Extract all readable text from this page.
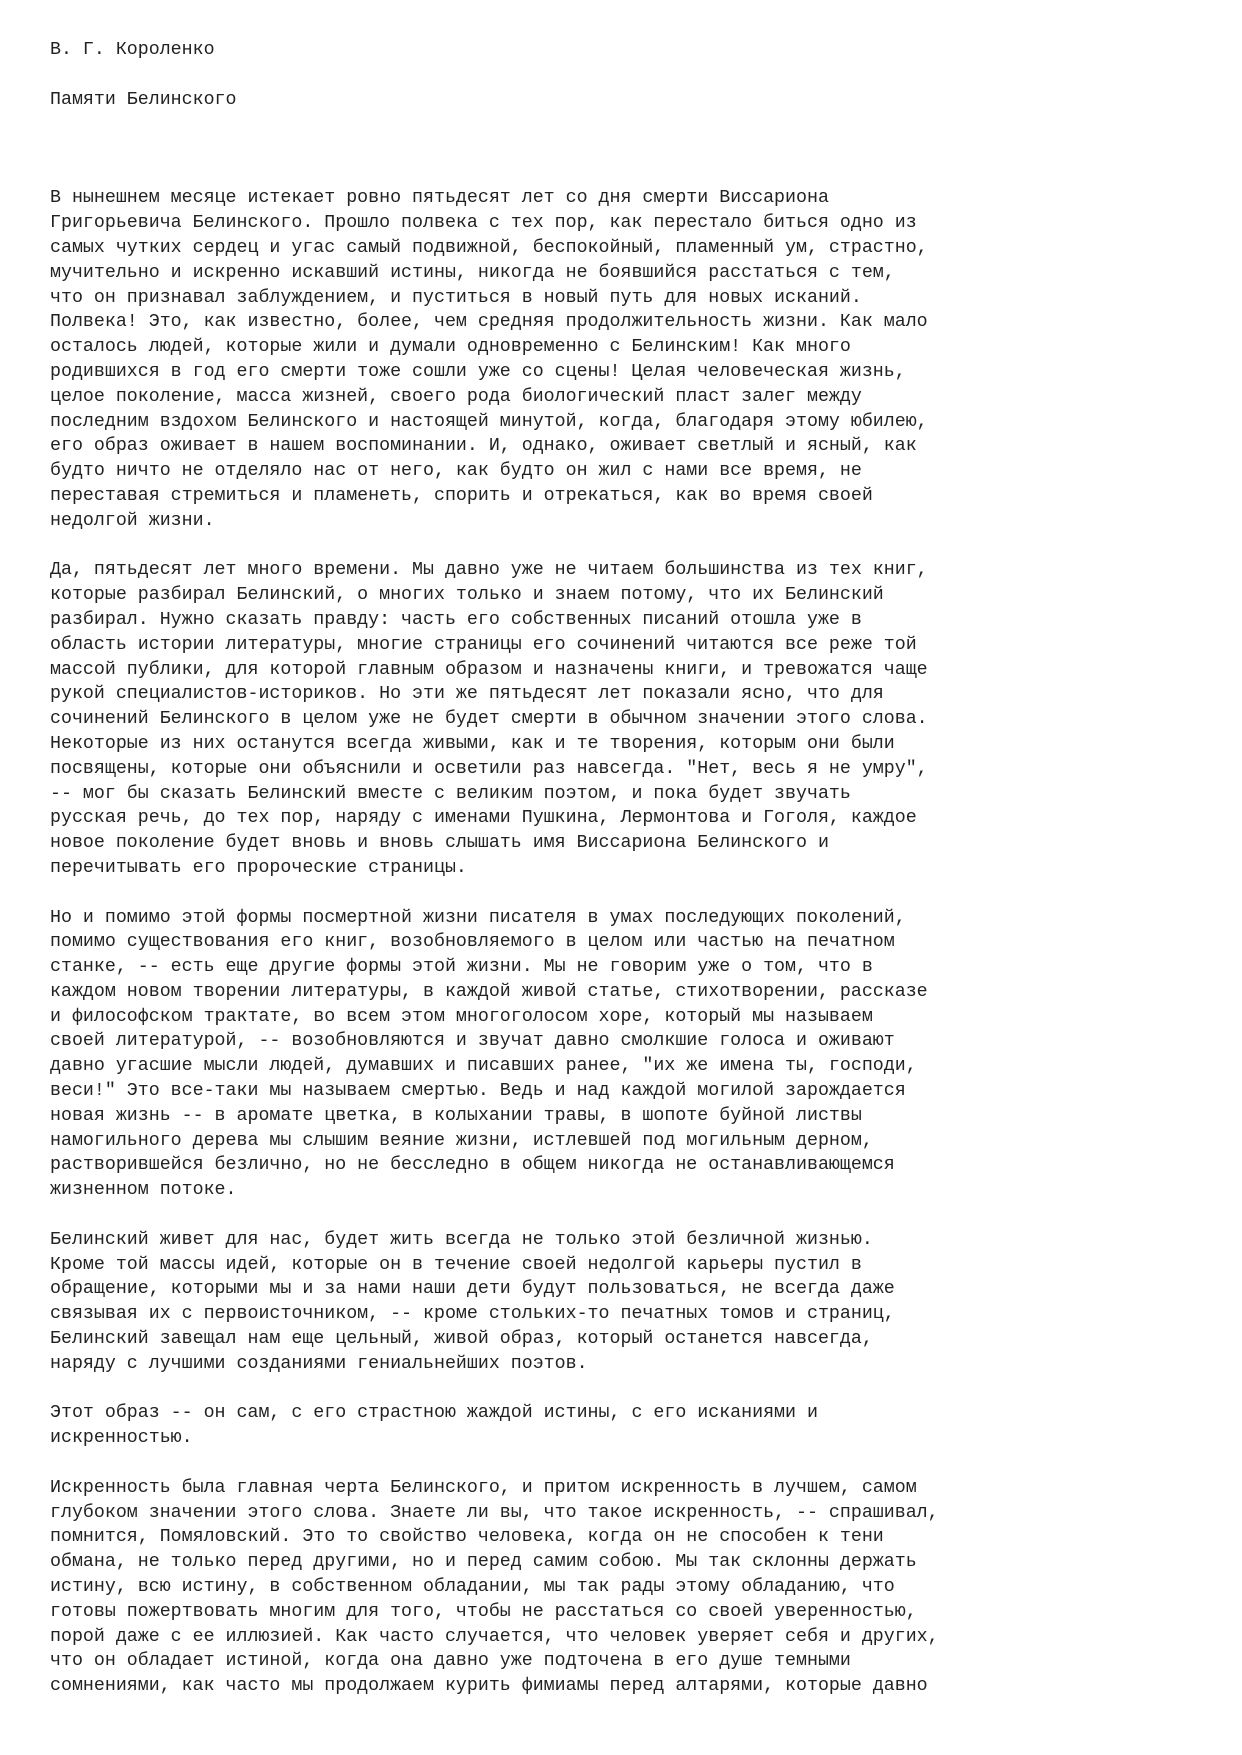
В. Г. Короленко
Памяти Белинского
В нынешнем месяце истекает ровно пятьдесят лет со дня смерти Виссариона
Григорьевича Белинского. Прошло полвека с тех пор, как перестало биться одно из
самых чутких сердец и угас самый подвижной, беспокойный, пламенный ум, страстно,
мучительно и искренно искавший истины, никогда не боявшийся расстаться с тем,
что он признавал заблуждением, и пуститься в новый путь для новых исканий.
Полвека! Это, как известно, более, чем средняя продолжительность жизни. Как мало
осталось людей, которые жили и думали одновременно с Белинским! Как много
родившихся в год его смерти тоже сошли уже со сцены! Целая человеческая жизнь,
целое поколение, масса жизней, своего рода биологический пласт залег между
последним вздохом Белинского и настоящей минутой, когда, благодаря этому юбилею,
его образ оживает в нашем воспоминании. И, однако, оживает светлый и ясный, как
будто ничто не отделяло нас от него, как будто он жил с нами все время, не
переставая стремиться и пламенеть, спорить и отрекаться, как во время своей
недолгой жизни.
Да, пятьдесят лет много времени. Мы давно уже не читаем большинства из тех книг,
которые разбирал Белинский, о многих только и знаем потому, что их Белинский
разбирал. Нужно сказать правду: часть его собственных писаний отошла уже в
область истории литературы, многие страницы его сочинений читаются все реже той
массой публики, для которой главным образом и назначены книги, и тревожатся чаще
рукой специалистов-историков. Но эти же пятьдесят лет показали ясно, что для
сочинений Белинского в целом уже не будет смерти в обычном значении этого слова.
Некоторые из них останутся всегда живыми, как и те творения, которым они были
посвящены, которые они объяснили и осветили раз навсегда. "Нет, весь я не умру",
-- мог бы сказать Белинский вместе с великим поэтом, и пока будет звучать
русская речь, до тех пор, наряду с именами Пушкина, Лермонтова и Гоголя, каждое
новое поколение будет вновь и вновь слышать имя Виссариона Белинского и
перечитывать его пророческие страницы.
Но и помимо этой формы посмертной жизни писателя в умах последующих поколений,
помимо существования его книг, возобновляемого в целом или частью на печатном
станке, -- есть еще другие формы этой жизни. Мы не говорим уже о том, что в
каждом новом творении литературы, в каждой живой статье, стихотворении, рассказе
и философском трактате, во всем этом многоголосом хоре, который мы называем
своей литературой, -- возобновляются и звучат давно смолкшие голоса и оживают
давно угасшие мысли людей, думавших и писавших ранее, "их же имена ты, господи,
веси!" Это все-таки мы называем смертью. Ведь и над каждой могилой зарождается
новая жизнь -- в аромате цветка, в колыхании травы, в шопоте буйной листвы
намогильного дерева мы слышим веяние жизни, истлевшей под могильным дерном,
растворившейся безлично, но не бесследно в общем никогда не останавливающемся
жизненном потоке.
Белинский живет для нас, будет жить всегда не только этой безличной жизнью.
Кроме той массы идей, которые он в течение своей недолгой карьеры пустил в
обращение, которыми мы и за нами наши дети будут пользоваться, не всегда даже
связывая их с первоисточником, -- кроме стольких-то печатных томов и страниц,
Белинский завещал нам еще цельный, живой образ, который останется навсегда,
наряду с лучшими созданиями гениальнейших поэтов.
Этот образ -- он сам, с его страстною жаждой истины, с его исканиями и
искренностью.
Искренность была главная черта Белинского, и притом искренность в лучшем, самом
глубоком значении этого слова. Знаете ли вы, что такое искренность, -- спрашивал,
помнится, Помяловский. Это то свойство человека, когда он не способен к тени
обмана, не только перед другими, но и перед самим собою. Мы так склонны держать
истину, всю истину, в собственном обладании, мы так рады этому обладанию, что
готовы пожертвовать многим для того, чтобы не расстаться со своей уверенностью,
порой даже с ее иллюзией. Как часто случается, что человек уверяет себя и других,
что он обладает истиной, когда она давно уже подточена в его душе темными
сомнениями, как часто мы продолжаем курить фимиамы перед алтарями, которые давно
